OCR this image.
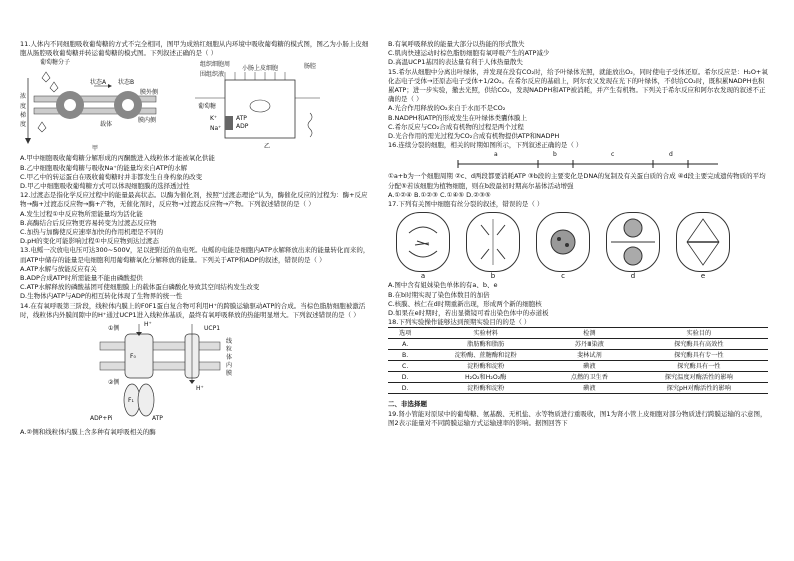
11.人体内不同细胞吸收葡萄糖的方式不完全相同，图甲为成熟红细胞从内环境中吸收葡萄糖的模式图，图乙为小肠上皮细胞从肠腔吸收葡萄糖并转运葡萄糖的模式图。下列叙述正确的是（ ）

葡萄糖分子
状态A 状态B
浓度梯度
膜外侧
载体
膜内侧
甲
组织细胞周围组织液
小肠上皮细胞	肠腔
葡萄糖
ATP
ADP
Na⁺
K⁺
乙

A.甲中细胞吸收葡萄糖分解形成的丙酮酸进入线粒体才能被氧化供能

B.乙中细胞吸收葡萄糖与吸收Na⁺的能量均来自ATP的水解

C.甲乙中的转运蛋白在吸收葡萄糖时并非都发生自身构象的改变

D.甲乙中细胞吸收葡萄糖方式可以体现细胞膜的选择透过性

12.过渡态是指化学反应过程中的能量最高状态。以酶为催化剂，按照“过渡态理论”认为，酶催化反应的过程为：酶+反应物→酶+过渡态反应物→酶+产物，无催化剂时，反应物→过渡态反应物→产物。下列叙述错误的是（ ）

A.发生过程①中反应物所需能量均为活化能

B.高酶结合后反应物更容易转变为过渡态反应物

C.加热与加酶使反应速率加快的作用机理是不同的

D.pH的变化可能影响过程①中反应物到达过渡态

13.电鳐一次放电电压可达300~500V，足以把附近的鱼电死。电鳐的电能是细胞内ATP水解释放出来的能量转化而来的，而ATP中储存的能量是电细胞利用葡萄糖氧化分解释放的能量。下列关于ATP和ADP的叙述，错误的是（ ）

A.ATP水解与放能反应有关

B.ADP合成ATP时所需能量不能由磷酸提供

C.ATP水解释放的磷酸基团可使细胞膜上的载体蛋白磷酸化导致其空间结构发生改变

D.生物体内ATP与ADP的相互转化体现了生物界的统一性

14.在有氧呼吸第三阶段，线粒体内膜上的F0F1蛋白复合物可利用H⁺的跨膜运输驱动ATP的合成。当棕色脂肪细胞被激活时，线粒体内外膜间隙中的H⁺通过UCP1进入线粒体基质，最终有氧呼吸释放的热能明显增大。下列叙述错误的是（ ）

①侧
②侧
H⁺
H⁺
UCP1
线粒体内膜
F₀
F₁
ADP+Pi	ATP

A.②侧和线粒体内膜上含多种有氧呼吸相关的酶

B.有氧呼吸释放的能量大部分以热能的形式散失

C.肌肉快速运动时棕色脂肪细胞有氧呼吸产生的ATP减少

D.高温UCP1基因的表达量有利于人体热量散失

15.希尔从细胞中分离出叶绿体，并发现在没有CO₂时，给予叶绿体光照，就能放出O₂，同时使电子受体还原。希尔反应是：H₂O+氧化态电子受体→还原态电子受体+1/2O₂。在希尔反应的基础上，阿尔农又发现在光下的叶绿体，不供给CO₂时，既积累NADPH也积累ATP；进一步实验，撤去光照，供给CO₂，发现NADPH和ATP被消耗，并产生有机物。下列关于希尔反应和阿尔农发现的叙述不正确的是（ ）

A.光合作用释放的O₂来自于水而不是CO₂

B.NADPH和ATP的形成发生在叶绿体类囊体膜上

C.希尔反应与CO₂合成有机物的过程是两个过程

D.光合作用的需光过程为CO₂合成有机物提供ATP和NADPH

16.连续分裂的细胞，相关的时期如图所示，下列叙述正确的是（ ）

a	b	c	d

①a+b为一个细胞周期 ②c、d两段都要消耗ATP ③b段的主要变化是DNA的复制及有关蛋白质的合成 ④d段主要完成遗传物质的平均分配⑤若该细胞为植物细胞，则在b段最初时期高尔基体活动增强

A.①②④ B.①②③ C.①④⑤ D.②③⑤

17.下列有关图中细胞有丝分裂的叙述，错误的是（ ）

a	b	c	d	e

A.图中含有姐妹染色单体的有a、b、e

B.在b时期实现了染色体数目的加倍

C.核膜、核仁在d时期重新出现，形成两个新的细胞核

D.如果在e时期时，若出显微镜可看出染色体中的赤道板

18.下列实验操作能够达到预期实验目的的是（ ）

选项	实验材料	检测	实验目的
A.	脂肪酶和脂肪	苏丹Ⅲ染液	探究酶具有高效性
B.	淀粉酶、蔗糖酶和淀粉	斐林试剂	探究酶具有专一性
C.	淀粉酶和淀粉	碘液	探究酶具有一性
D.	H₂O₂和H₂O₂酶	点燃的卫生香	探究温度对酶活性的影响
D.	淀粉酶和淀粉	碘液	探究pH对酶活性的影响

二、非选择题

19.肾小管能对原尿中的葡萄糖、氨基酸、无机盐、水等物质进行重吸收，图1为肾小管上皮细胞对部分物质进行跨膜运输的示意图，图2表示能量对不同跨膜运输方式运输速率的影响。据图回答下
